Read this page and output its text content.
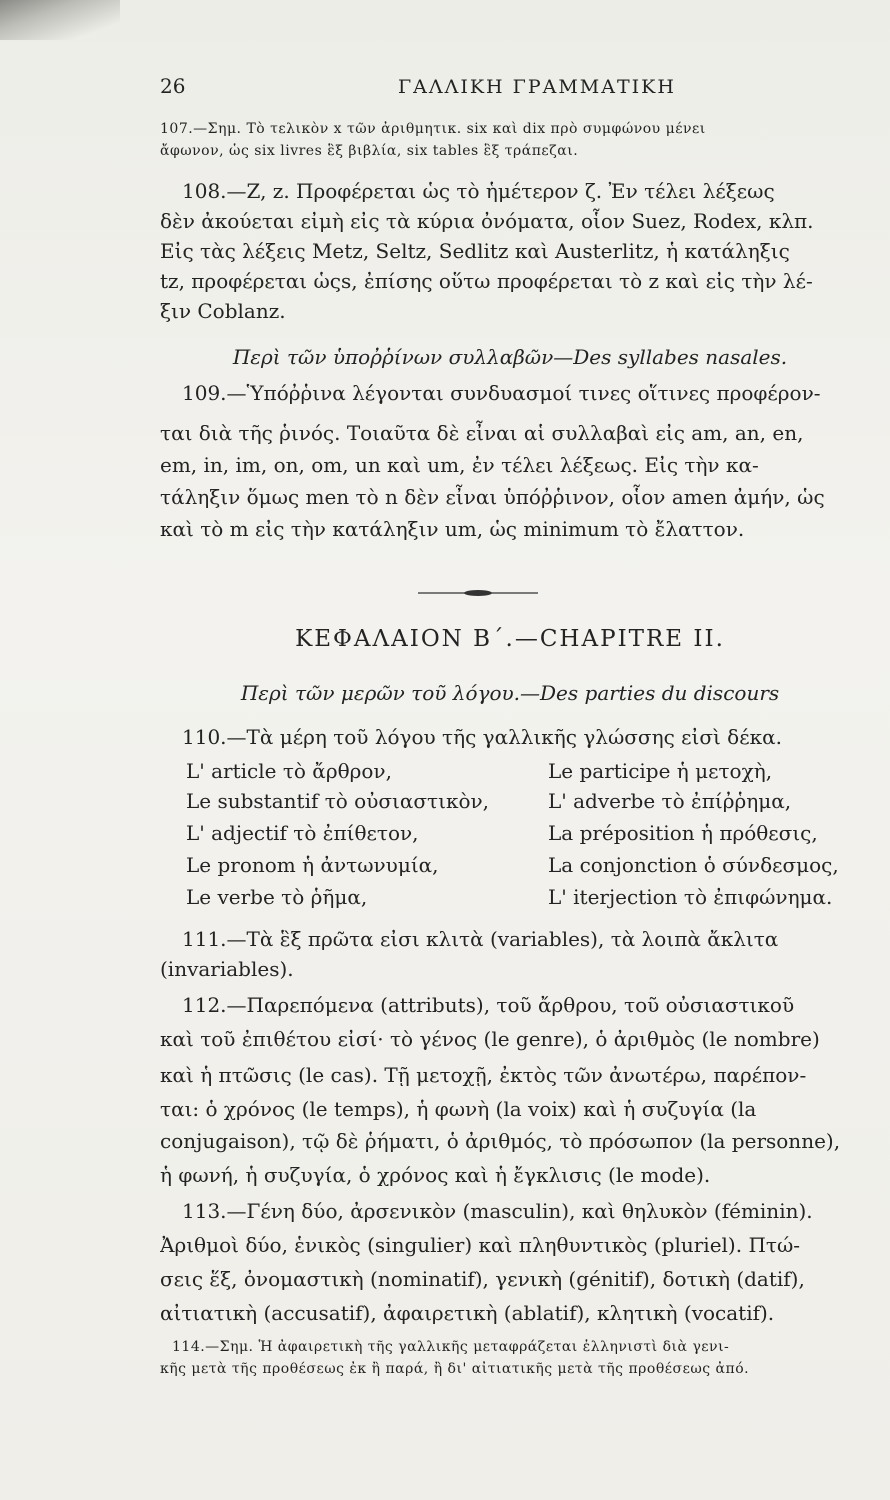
26	ΓΑΛΛΙΚΗ ΓΡΑΜΜΑΤΙΚΗ
107.—Σημ. Τὸ τελικὸν x τῶν ἀριθμητικ. six καὶ dix πρὸ συμφώνου μένει
ἄφωνον, ὡς six livres ἓξ βιβλία, six tables ἓξ τράπεζαι.
108.—Z, z. Προφέρεται ὡς τὸ ἡμέτερον ζ. Ἐν τέλει λέξεως
δὲν ἀκούεται εἰμὴ εἰς τὰ κύρια ὀνόματα, οἷον Suez, Rodex, κλπ.
Εἰς τὰς λέξεις Metz, Seltz, Sedlitz καὶ Austerlitz, ἡ κατάληξις
tz, προφέρεται ὡςs, ἐπίσης οὕτω προφέρεται τὸ z καὶ εἰς τὴν λέ-
ξιν Coblanz.
Περὶ τῶν ὑποῤῥίνων συλλαβῶν—Des syllabes nasales.
109.—Ὑπόῤῥινα λέγονται συνδυασμοί τινες οἵτινες προφέρον-
ται διὰ τῆς ῥινός. Τοιαῦτα δὲ εἶναι αἱ συλλαβαὶ εἰς am, an, en,
em, in, im, on, om, un καὶ um, ἐν τέλει λέξεως. Εἰς τὴν κα-
τάληξιν ὅμως men τὸ n δὲν εἶναι ὑπόῤῥινον, οἷον amen ἀμήν, ὡς
καὶ τὸ m εἰς τὴν κατάληξιν um, ὡς minimum τὸ ἔλαττον.
ΚΕΦΑΛΑΙΟΝ Β΄.—CHAPITRE II.
Περὶ τῶν μερῶν τοῦ λόγου.—Des parties du discours
110.—Τὰ μέρη τοῦ λόγου τῆς γαλλικῆς γλώσσης εἰσὶ δέκα.
L' article τὸ ἄρθρον,
Le substantif τὸ οὐσιαστικὸν,
L' adjectif τὸ ἐπίθετον,
Le pronom ἡ ἀντωνυμία,
Le verbe τὸ ῥῆμα,
Le participe ἡ μετοχὴ,
L' adverbe τὸ ἐπίῤῥημα,
La préposition ἡ πρόθεσις,
La conjonction ὁ σύνδεσμος,
L' iterjection τὸ ἐπιφώνημα.
111.—Τὰ ἓξ πρῶτα εἰσι κλιτὰ (variables), τὰ λοιπὰ ἄκλιτα
(invariables).
112.—Παρεπόμενα (attributs), τοῦ ἄρθρου, τοῦ οὐσιαστικοῦ
καὶ τοῦ ἐπιθέτου εἰσί· τὸ γένος (le genre), ὁ ἀριθμὸς (le nombre)
καὶ ἡ πτῶσις (le cas). Τῇ μετοχῇ, ἐκτὸς τῶν ἀνωτέρω, παρέπον-
ται: ὁ χρόνος (le temps), ἡ φωνὴ (la voix) καὶ ἡ συζυγία (la
conjugaison), τῷ δὲ ῥήματι, ὁ ἀριθμός, τὸ πρόσωπον (la personne),
ἡ φωνή, ἡ συζυγία, ὁ χρόνος καὶ ἡ ἔγκλισις (le mode).
113.—Γένη δύο, ἀρσενικὸν (masculin), καὶ θηλυκὸν (féminin).
Ἀριθμοὶ δύο, ἑνικὸς (singulier) καὶ πληθυντικὸς (pluriel). Πτώ-
σεις ἕξ, ὀνομαστικὴ (nominatif), γενικὴ (génitif), δοτικὴ (datif),
αἰτιατικὴ (accusatif), ἀφαιρετικὴ (ablatif), κλητικὴ (vocatif).
114.—Σημ. Ἡ ἀφαιρετικὴ τῆς γαλλικῆς μεταφράζεται ἑλληνιστὶ διὰ γενι-
κῆς μετὰ τῆς προθέσεως ἐκ ἢ παρά, ἢ δι' αἰτιατικῆς μετὰ τῆς προθέσεως ἀπό.
